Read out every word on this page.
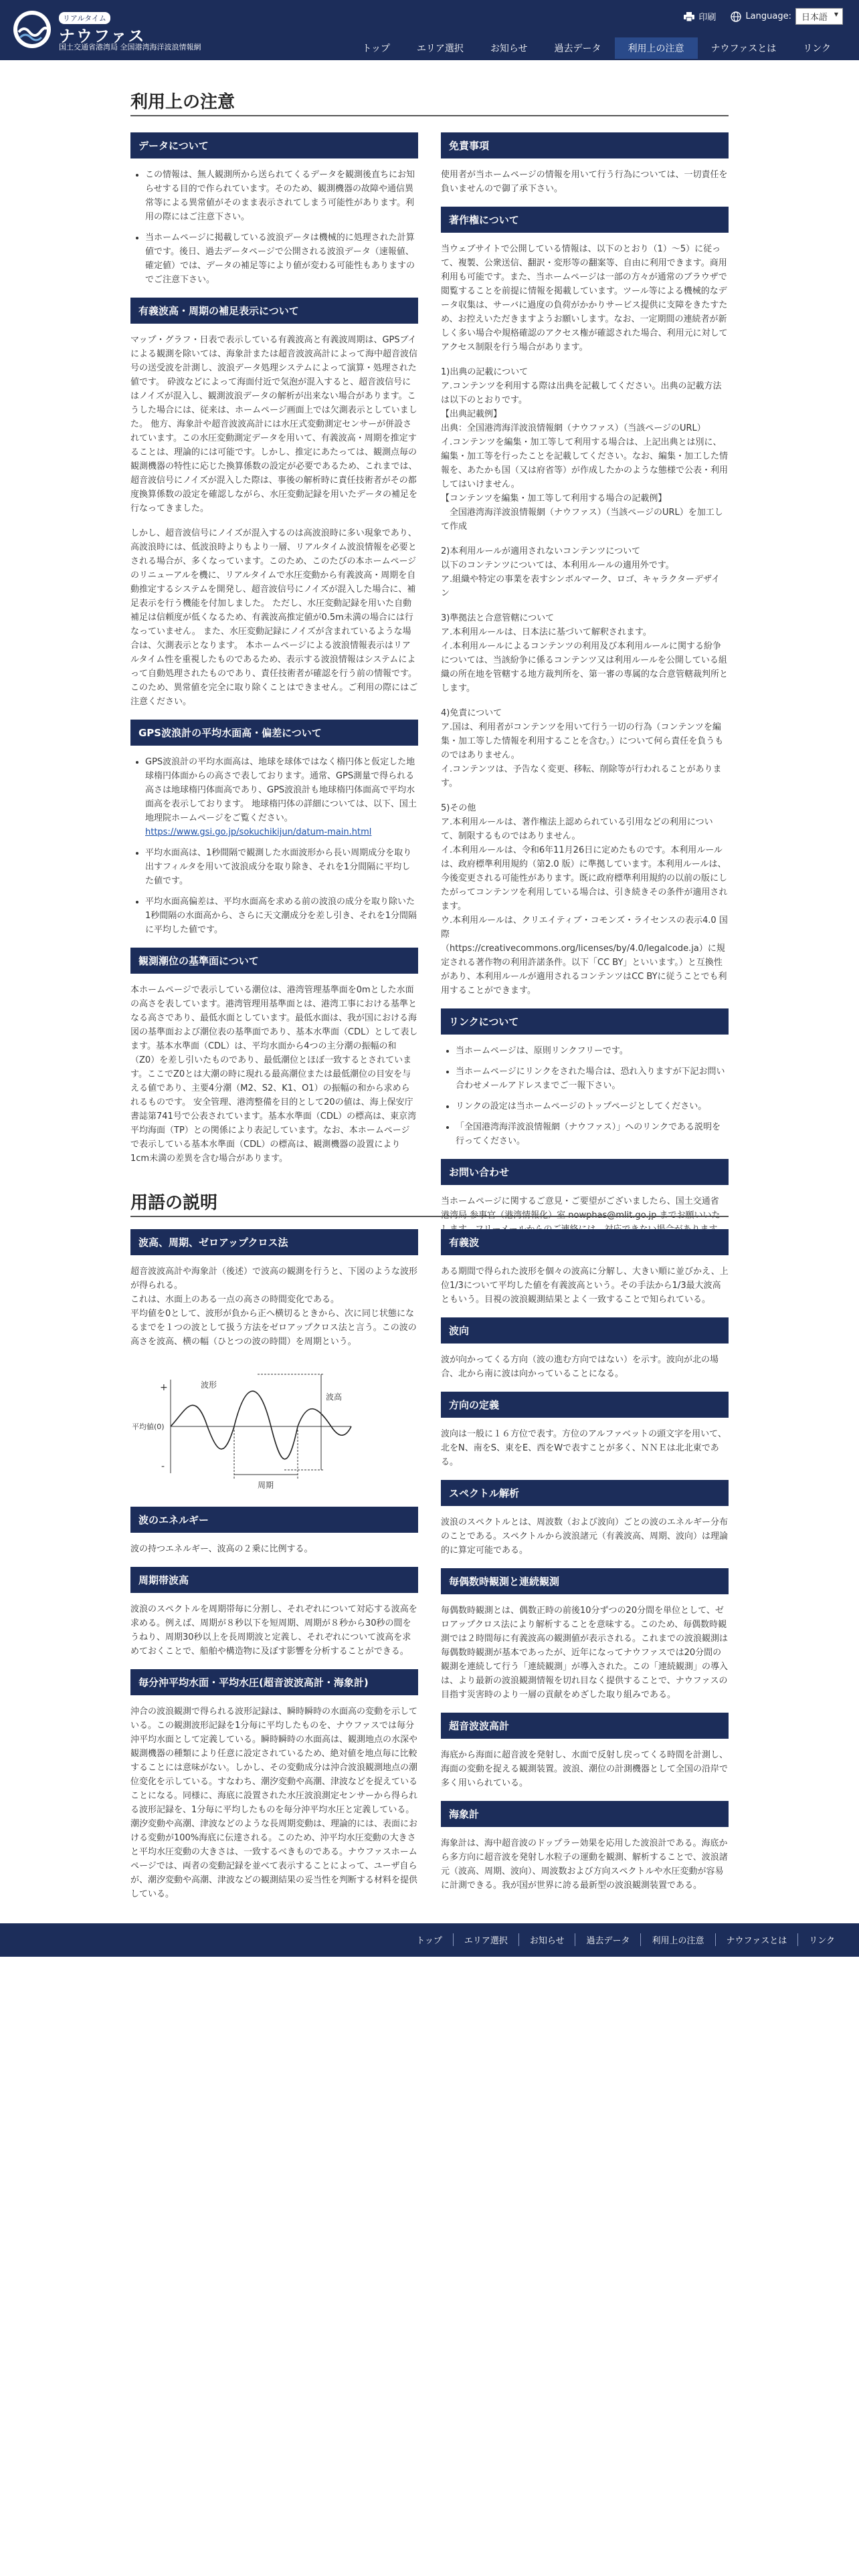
リアルタイム
ナウファス
国土交通省港湾局 全国港湾海洋波浪情報網
印刷	Language:	日本語 ▼
トップ	エリア選択	お知らせ	過去データ	利用上の注意	ナウファスとは	リンク
利用上の注意
データについて
• この情報は、無人観測所から送られてくるデータを観測後直ちにお知らせする目的で作られています。そのため、観測機器の故障や通信異常等による異常値がそのまま表示されてしまう可能性があります。利用の際にはご注意下さい。
• 当ホームページに掲載している波浪データは機械的に処理された計算値です。後日、過去データページで公開される波浪データ（速報値、確定値）では、データの補足等により値が変わる可能性もありますのでご注意下さい。
有義波高・周期の補足表示について

マップ・グラフ・日表で表示している有義波高と有義波周期は、GPSブイによる観測を除いては、海象計または超音波波高計によって海中超音波信号の送受波を計測し、波浪データ処理システムによって演算・処理された値です。 砕波などによって海面付近で気泡が混入すると、超音波信号にはノイズが混入し、観測波浪データの解析が出来ない場合があります。こうした場合には、従来は、ホームページ画面上では欠測表示としていました。 他方、海象計や超音波波高計には水圧式変動測定センサーが併設されています。この水圧変動測定データを用いて、有義波高・周期を推定することは、理論的には可能です。しかし、推定にあたっては、観測点毎の観測機器の特性に応じた換算係数の設定が必要であるため、これまでは、超音波信号にノイズが混入した際は、事後の解析時に責任技術者がその都度換算係数の設定を確認しながら、水圧変動記録を用いたデータの補足を行なってきました。

しかし、超音波信号にノイズが混入するのは高波浪時に多い現象であり、高波浪時には、低波浪時よりもより一層、リアルタイム波浪情報を必要とされる場合が、多くなっています。このため、このたびの本ホームページのリニューアルを機に、リアルタイムで水圧変動から有義波高・周期を自動推定するシステムを開発し、超音波信号にノイズが混入した場合に、補足表示を行う機能を付加しました。 ただし、水圧変動記録を用いた自動補足は信頼度が低くなるため、有義波高推定値が0.5m未満の場合には行なっていません。 また、水圧変動記録にノイズが含まれているような場合は、欠測表示となります。 本ホームページによる波浪情報表示はリアルタイム性を重視したものであるため、表示する波浪情報はシステムによって自動処理されたものであり、責任技術者が確認を行う前の情報です。このため、異常値を完全に取り除くことはできません。ご利用の際にはご注意ください。

GPS波浪計の平均水面高・偏差について
• GPS波浪計の平均水面高は、地球を球体ではなく楕円体と仮定した地球楕円体面からの高さで表しております。通常、GPS測量で得られる高さは地球楕円体面高であり、GPS波浪計も地球楕円体面高で平均水面高を表示しております。 地球楕円体の詳細については、以下、国土地理院ホームページをご覧ください。
https://www.gsi.go.jp/sokuchikijun/datum-main.html
• 平均水面高は、1秒間隔で観測した水面波形から長い周期成分を取り出すフィルタを用いて波浪成分を取り除き、それを1分間隔に平均した値です。
• 平均水面高偏差は、平均水面高を求める前の波浪の成分を取り除いた1秒間隔の水面高から、さらに天文潮成分を差し引き、それを1分間隔に平均した値です。
観測潮位の基準面について

本ホームページで表示している潮位は、港湾管理基準面を0mとした水面の高さを表しています。港湾管理用基準面とは、港湾工事における基準となる高さであり、最低水面としています。最低水面は、我が国における海図の基準面および潮位表の基準面であり、基本水準面（CDL）として表します。基本水準面（CDL）は、平均水面から4つの主分潮の振幅の和（Z0）を差し引いたものであり、最低潮位とほぼ一致するとされています。ここでZ0とは大潮の時に現れる最高潮位または最低潮位の目安を与える値であり、主要4分潮（M2、S2、K1、O1）の振幅の和から求められるものです。 安全管理、港湾整備を目的として20の値は、海上保安庁書誌第741号で公表されています。基本水準面（CDL）の標高は、東京湾平均海面（TP）との関係により表記しています。なお、本ホームページで表示している基本水準面（CDL）の標高は、観測機器の設置により1cm未満の差異を含む場合があります。

免責事項

使用者が当ホームページの情報を用いて行う行為については、一切責任を負いませんので御了承下さい。

著作権について

当ウェブサイトで公開している情報は、以下のとおり（1）～5）に従って、複製、公衆送信、翻訳・変形等の翻案等、自由に利用できます。商用利用も可能です。また、当ホームページは一部の方々が通常のブラウザで閲覧することを前提に情報を掲載しています。ツール等による機械的なデータ収集は、サーバに過度の負荷がかかりサービス提供に支障をきたすため、お控えいただきますようお願いします。なお、一定期間の連続者が新しく多い場合や規格確認のアクセス権が確認された場合、利用元に対してアクセス制限を行う場合があります。

1)出典の記載について
ア.コンテンツを利用する際は出典を記載してください。出典の記載方法は以下のとおりです。
【出典記載例】
出典：全国港湾海洋波浪情報網（ナウファス）（当該ページのURL）
イ.コンテンツを編集・加工等して利用する場合は、上記出典とは別に、編集・加工等を行ったことを記載してください。なお、編集・加工した情報を、あたかも国（又は府省等）が作成したかのような態様で公表・利用してはいけません。
【コンテンツを編集・加工等して利用する場合の記載例】
　全国港湾海洋波浪情報網（ナウファス）（当該ページのURL）を加工して作成

2)本利用ルールが適用されないコンテンツについて
以下のコンテンツについては、本利用ルールの適用外です。
ア.組織や特定の事業を表すシンボルマーク、ロゴ、キャラクターデザイン

3)準拠法と合意管轄について
ア.本利用ルールは、日本法に基づいて解釈されます。
イ.本利用ルールによるコンテンツの利用及び本利用ルールに関する紛争については、当該紛争に係るコンテンツ又は利用ルールを公開している組織の所在地を管轄する地方裁判所を、第一審の専属的な合意管轄裁判所とします。

4)免責について
ア.国は、利用者がコンテンツを用いて行う一切の行為（コンテンツを編集・加工等した情報を利用することを含む。）について何ら責任を負うものではありません。
イ.コンテンツは、予告なく変更、移転、削除等が行われることがあります。

5)その他
ア.本利用ルールは、著作権法上認められている引用などの利用について、制限するものではありません。
イ.本利用ルールは、令和6年11月26日に定めたものです。本利用ルールは、政府標準利用規約（第2.0 版）に準拠しています。本利用ルールは、今後変更される可能性があります。既に政府標準利用規約の以前の版にしたがってコンテンツを利用している場合は、引き続きその条件が適用されます。
ウ.本利用ルールは、クリエイティブ・コモンズ・ライセンスの表示4.0 国際
（https://creativecommons.org/licenses/by/4.0/legalcode.ja）に規定される著作物の利用許諾条件。以下「CC BY」といいます。）と互換性があり、本利用ルールが適用されるコンテンツはCC BYに従うことでも利用することができます。

リンクについて
• 当ホームページは、原則リンクフリーです。
• 当ホームページにリンクをされた場合は、恐れ入りますが下記お問い合わせメールアドレスまでご一報下さい。
• リンクの設定は当ホームページのトップページとしてください。
• 「全国港湾海洋波浪情報網（ナウファス）」へのリンクである説明を行ってください。
お問い合わせ

当ホームページに関するご意見・ご要望がございましたら、国土交通省

用語の説明
波高、周期、ゼロアップクロス法

超音波波高計や海象計（後述）で波高の観測を行うと、下図のような波形が得られる。
これは、水面上のある一点の高さの時間変化である。
平均値を0として、波形が負から正へ横切るときから、次に同じ状態になるまでを１つの波として扱う方法をゼロアップクロス法と言う。この波の高さを波高、横の幅（ひとつの波の時間）を周期という。

波形
波高
平均値(0)
周期
+
-
波のエネルギー

波の持つエネルギー、波高の２乗に比例する。

周期帯波高

波浪のスペクトルを周期帯毎に分割し、それぞれについて対応する波高を求める。例えば、周期が８秒以下を短周期、周期が８秒から30秒の間をうねり、周期30秒以上を長周期波と定義し、それぞれについて波高を求めておくことで、船舶や構造物に及ぼす影響を分析することができる。

毎分沖平均水面・平均水圧(超音波波高計・海象計)

沖合の波浪観測で得られる波形記録は、瞬時瞬時の水面高の変動を示している。この観測波形記録を1分毎に平均したものを、ナウファスでは毎分沖平均水面として定義している。瞬時瞬時の水面高は、観測地点の水深や観測機器の種類により任意に設定されているため、絶対値を地点毎に比較することには意味がない。しかし、その変動成分は沖合波浪観測地点の潮位変化を示している。すなわち、潮汐変動や高潮、津波などを捉えていることになる。同様に、海底に設置された水圧波浪測定センサーから得られる波形記録を、1分毎に平均したものを毎分沖平均水圧と定義している。潮汐変動や高潮、津波などのような長周期変動は、理論的には、表面における変動が100%海底に伝達される。このため、沖平均水圧変動の大きさと平均水圧変動の大きさは、一致するべきものである。ナウファスホームページでは、両者の変動記録を並べて表示することによって、ユーザ自らが、潮汐変動や高潮、津波などの観測結果の妥当性を判断する材料を提供している。

有義波

ある期間で得られた波形を個々の波高に分解し、大きい順に並びかえ、上位1/3について平均した値を有義波高という。その手法から1/3最大波高ともいう。目視の波浪観測結果とよく一致することで知られている。

波向

波が向かってくる方向（波の進む方向ではない）を示す。波向が北の場合、北から南に波は向かっていることになる。

方向の定義

波向は一般に１６方位で表す。方位のアルファベットの頭文字を用いて、北をN、南をS、東をE、西をWで表すことが多く、ＮＮＥは北北東である。

スペクトル解析

波浪のスペクトルとは、周波数（および波向）ごとの波のエネルギー分布のことである。スペクトルから波浪諸元（有義波高、周期、波向）は理論的に算定可能である。

毎偶数時観測と連続観測

毎偶数時観測とは、偶数正時の前後10分ずつの20分間を単位として、ゼロアップクロス法により解析することを意味する。このため、毎偶数時観測では２時間毎に有義波高の観測値が表示される。これまでの波浪観測は毎偶数時観測が基本であったが、近年になってナウファスでは20分間の観測を連続して行う「連続観測」が導入された。この「連続観測」の導入は、より最新の波浪観測情報を切れ目なく提供することで、ナウファスの目指す災害時のより一層の貢献をめざした取り組みである。

超音波波高計

海底から海面に超音波を発射し、水面で反射し戻ってくる時間を計測し、海面の変動を捉える観測装置。波浪、潮位の計測機器として全国の沿岸で多く用いられている。

海象計

海象計は、海中超音波のドップラー効果を応用した波浪計である。海底から多方向に超音波を発射し水粒子の運動を観測、解析することで、波浪諸元（波高、周期、波向）、周波数および方向スペクトルや水圧変動が容易に計測できる。我が国が世界に誇る最新型の波浪観測装置である。

トップ	エリア選択	お知らせ	過去データ	利用上の注意	ナウファスとは	リンク
